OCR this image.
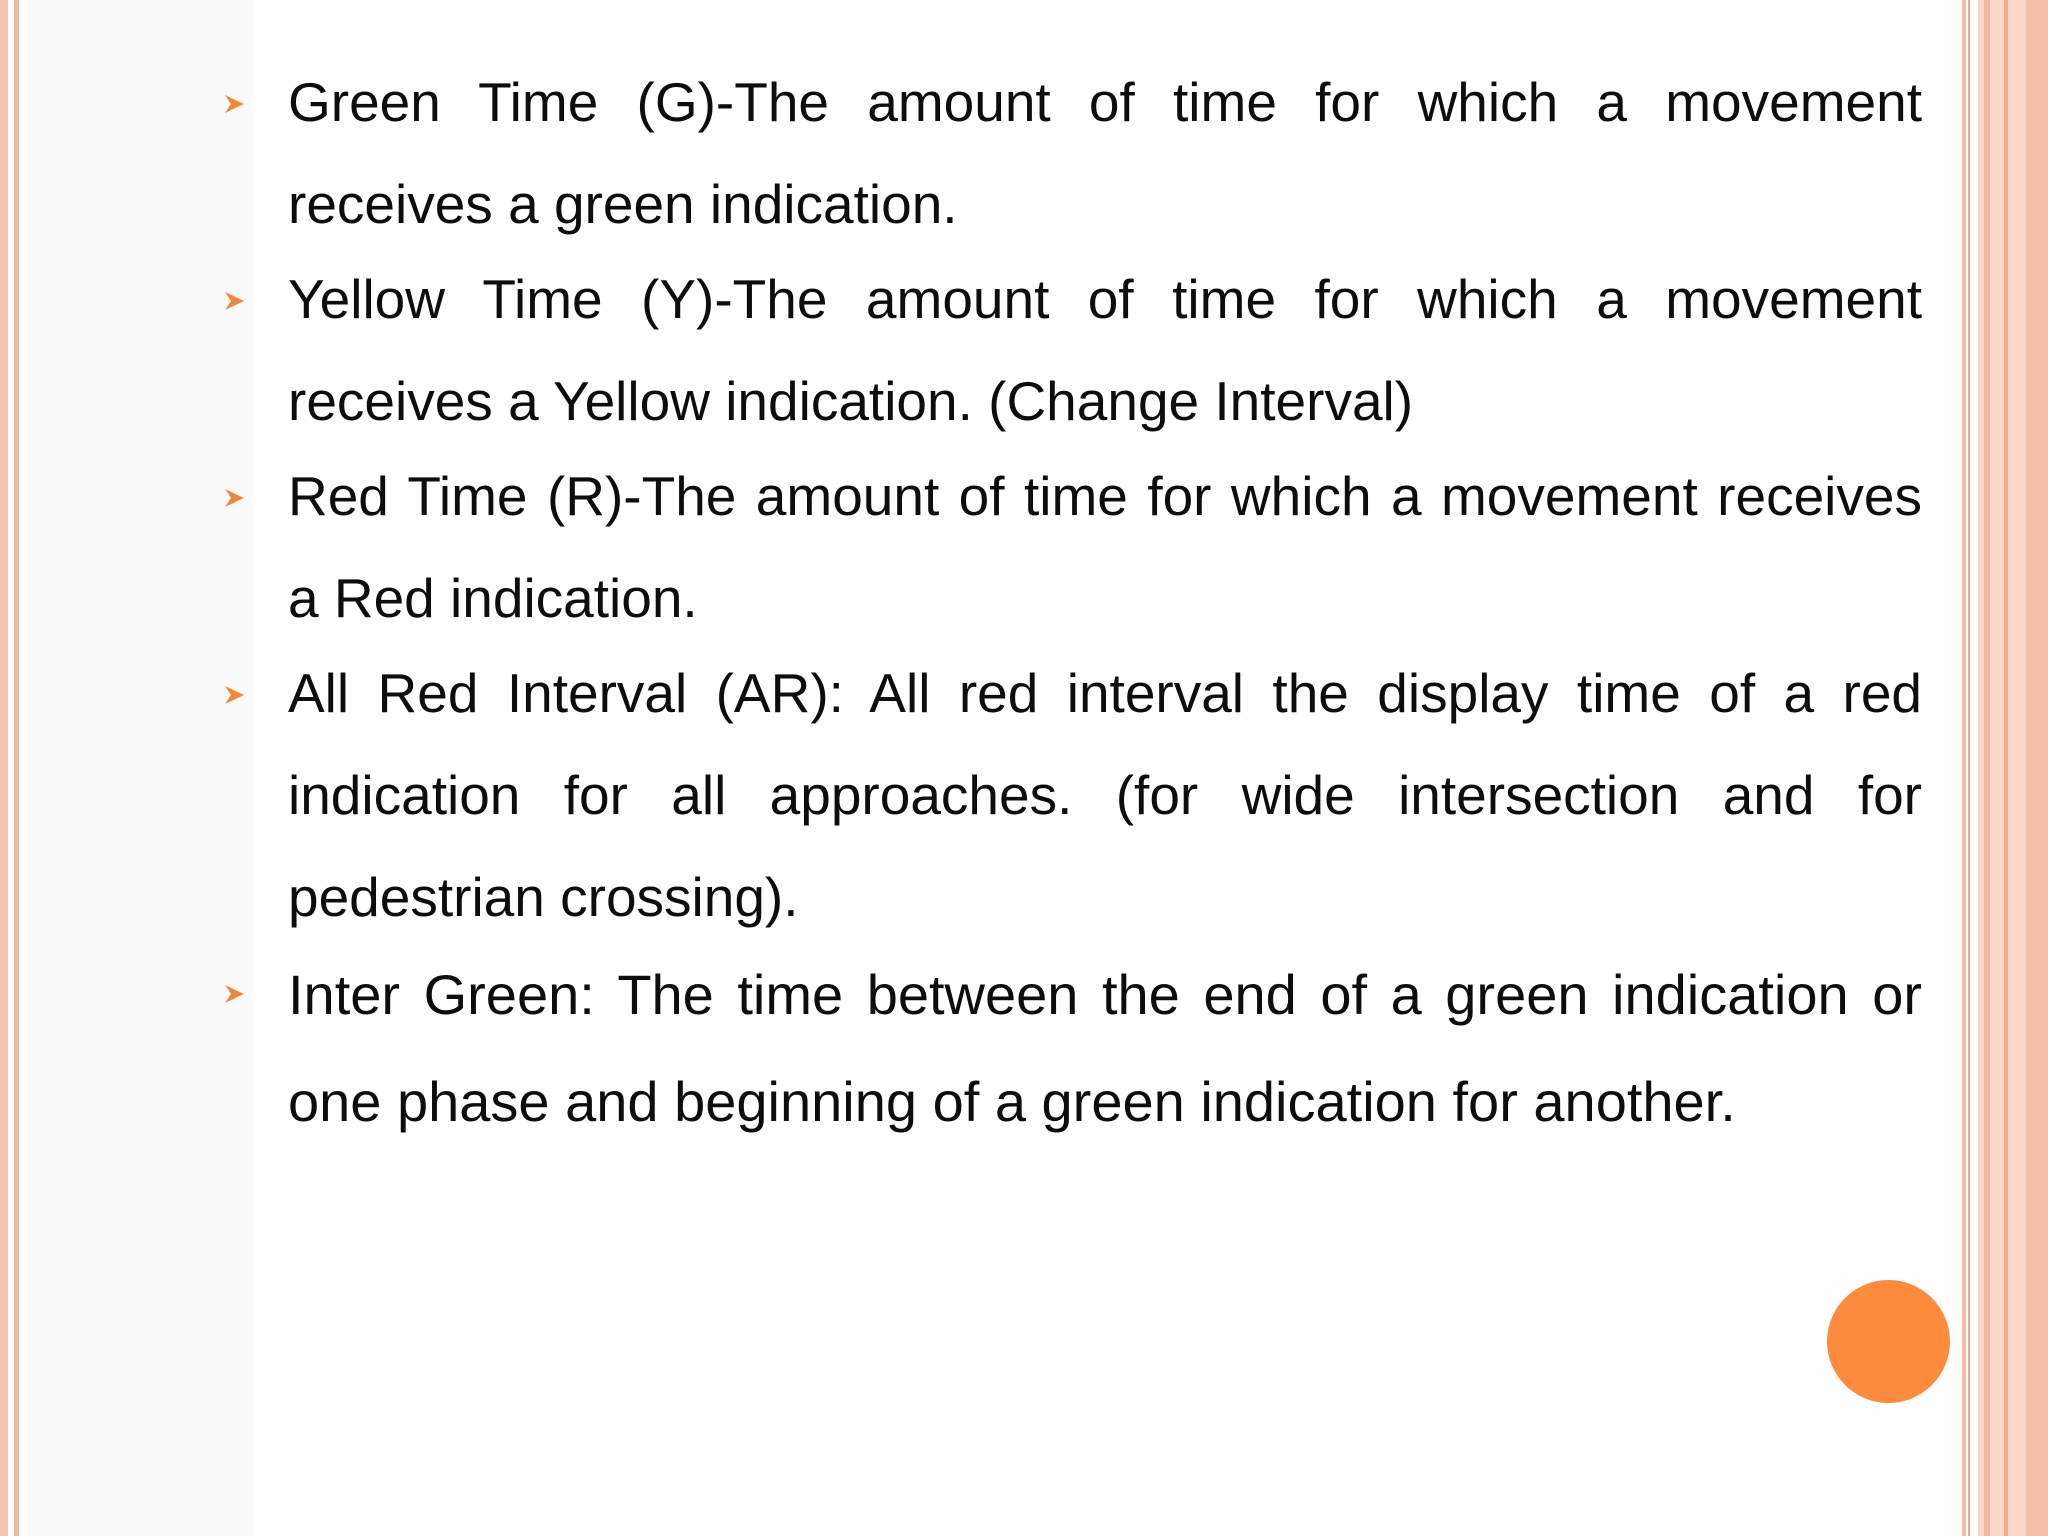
Green Time (G)-The amount of time for which a movement receives a green indication.
Yellow Time (Y)-The amount of time for which a movement receives a Yellow indication. (Change Interval)
Red Time (R)-The amount of time for which a movement receives a Red indication.
All Red Interval (AR): All red interval the display time of a red indication for all approaches. (for wide intersection and for pedestrian crossing).
Inter Green: The time between the end of a green indication or one phase and beginning of a green indication for another.
